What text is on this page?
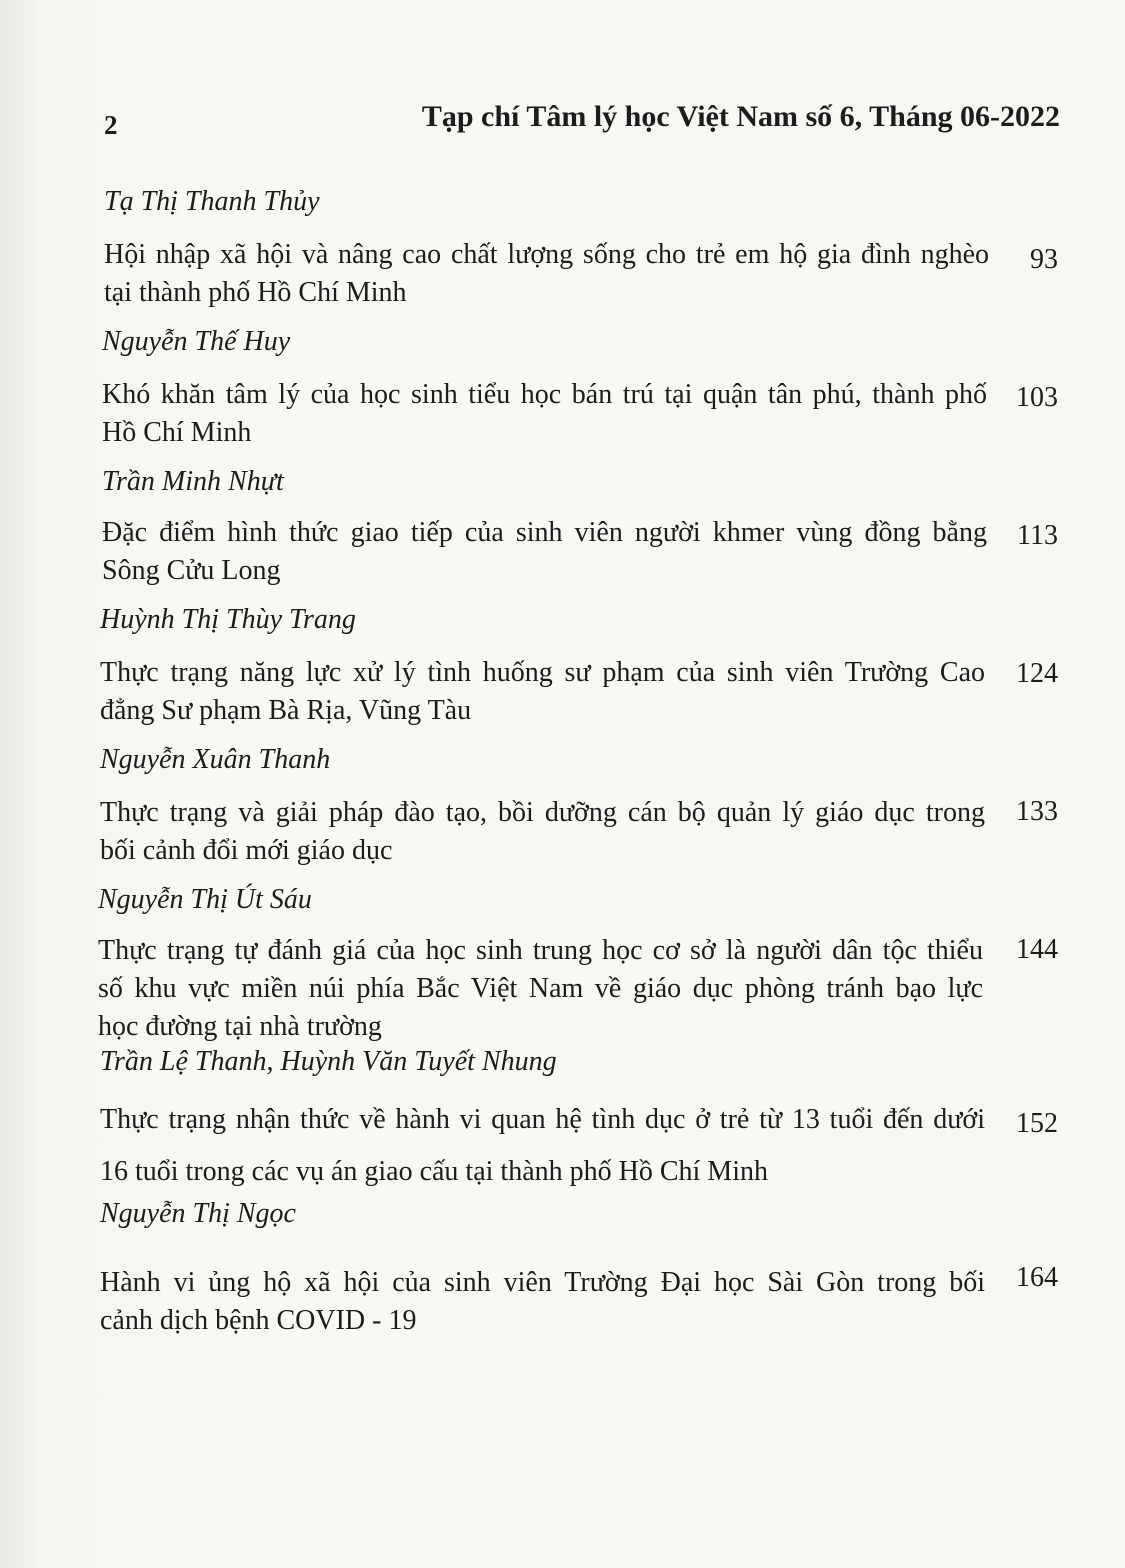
2	Tạp chí Tâm lý học Việt Nam số 6, Tháng 06-2022
Tạ Thị Thanh Thủy
Hội nhập xã hội và nâng cao chất lượng sống cho trẻ em hộ gia đình nghèo
tại thành phố Hồ Chí Minh
93
Nguyễn Thế Huy
Khó khăn tâm lý của học sinh tiểu học bán trú tại quận tân phú, thành phố
Hồ Chí Minh
103
Trần Minh Nhựt
Đặc điểm hình thức giao tiếp của sinh viên người khmer vùng đồng bằng
Sông Cửu Long
113
Huỳnh Thị Thùy Trang
Thực trạng năng lực xử lý tình huống sư phạm của sinh viên Trường Cao
đẳng Sư phạm Bà Rịa, Vũng Tàu
124
Nguyễn Xuân Thanh
Thực trạng và giải pháp đào tạo, bồi dưỡng cán bộ quản lý giáo dục trong
bối cảnh đổi mới giáo dục
133
Nguyễn Thị Út Sáu
Thực trạng tự đánh giá của học sinh trung học cơ sở là người dân tộc thiểu
số khu vực miền núi phía Bắc Việt Nam về giáo dục phòng tránh bạo lực
học đường tại nhà trường
144
Trần Lệ Thanh, Huỳnh Văn Tuyết Nhung
Thực trạng nhận thức về hành vi quan hệ tình dục ở trẻ từ 13 tuổi đến dưới
16 tuổi trong các vụ án giao cấu tại thành phố Hồ Chí Minh
152
Nguyễn Thị Ngọc
Hành vi ủng hộ xã hội của sinh viên Trường Đại học Sài Gòn trong bối
cảnh dịch bệnh COVID - 19
164
